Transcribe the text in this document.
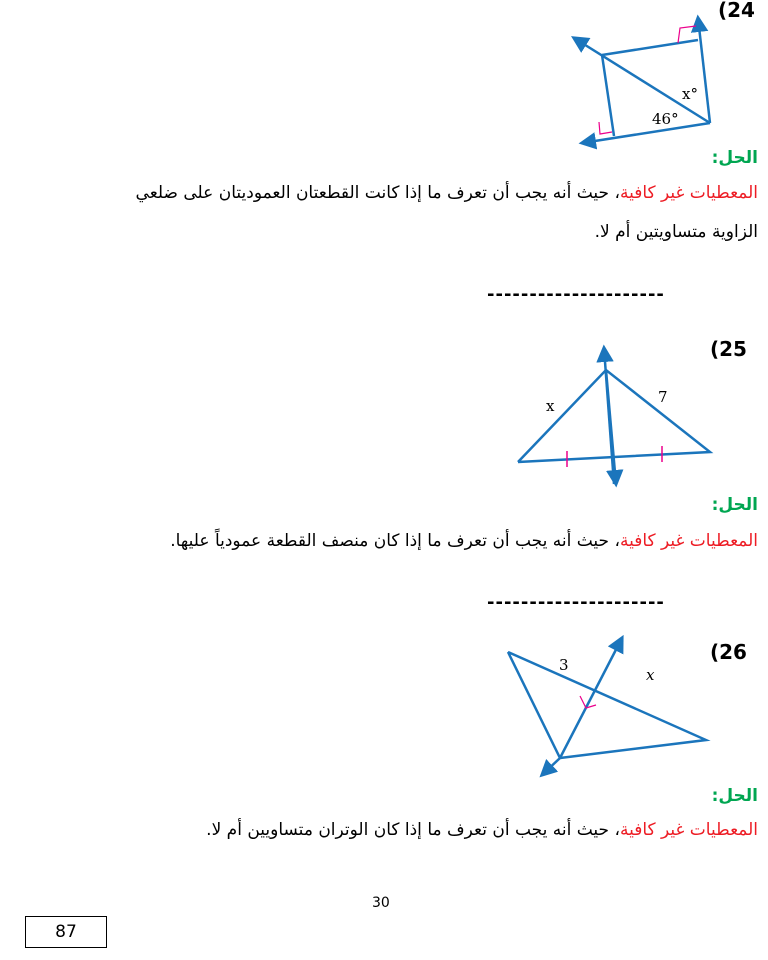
(24
x°
46°
الحل:
المعطيات غير كافية، حيث أنه يجب أن تعرف ما إذا كانت القطعتان العموديتان على ضلعي
الزاوية متساويتين أم لا.
---------------------
(25
x	7
الحل:
المعطيات غير كافية، حيث أنه يجب أن تعرف ما إذا كان منصف القطعة عمودياً عليها.
---------------------
(26
3
x
الحل:
المعطيات غير كافية، حيث أنه يجب أن تعرف ما إذا كان الوتران متساويين أم لا.
30
87
